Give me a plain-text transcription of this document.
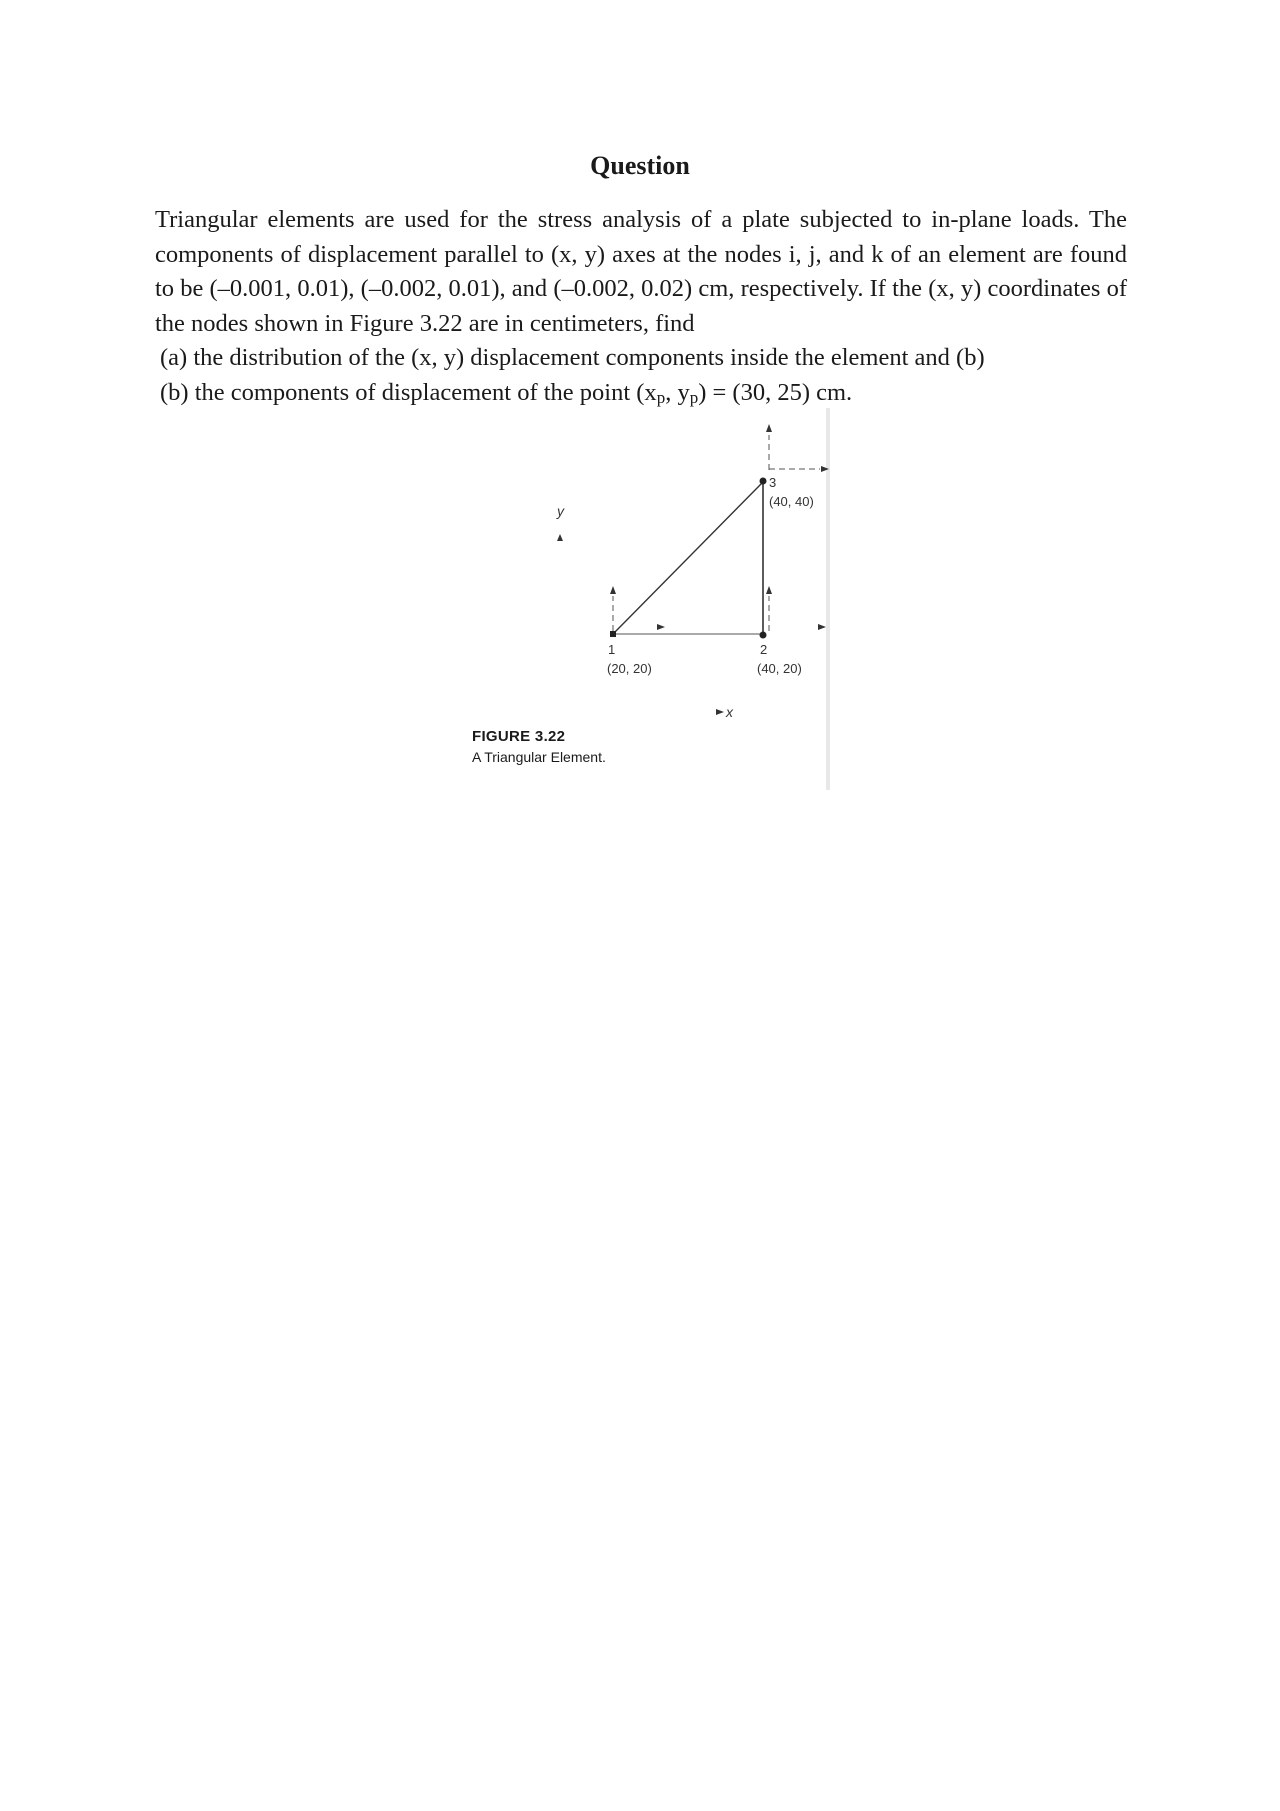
Question
Triangular elements are used for the stress analysis of a plate subjected to in-plane loads. The components of displacement parallel to (x, y) axes at the nodes i, j, and k of an element are found to be (–0.001, 0.01), (–0.002, 0.01), and (–0.002, 0.02) cm, respectively. If the (x, y) coordinates of the nodes shown in Figure 3.22 are in centimeters, find
(a) the distribution of the (x, y) displacement components inside the element and (b)
(b) the components of displacement of the point (xp, yp) = (30, 25) cm.
y
x
1
(20, 20)
2
(40, 20)
3
(40, 40)
FIGURE 3.22
A Triangular Element.
